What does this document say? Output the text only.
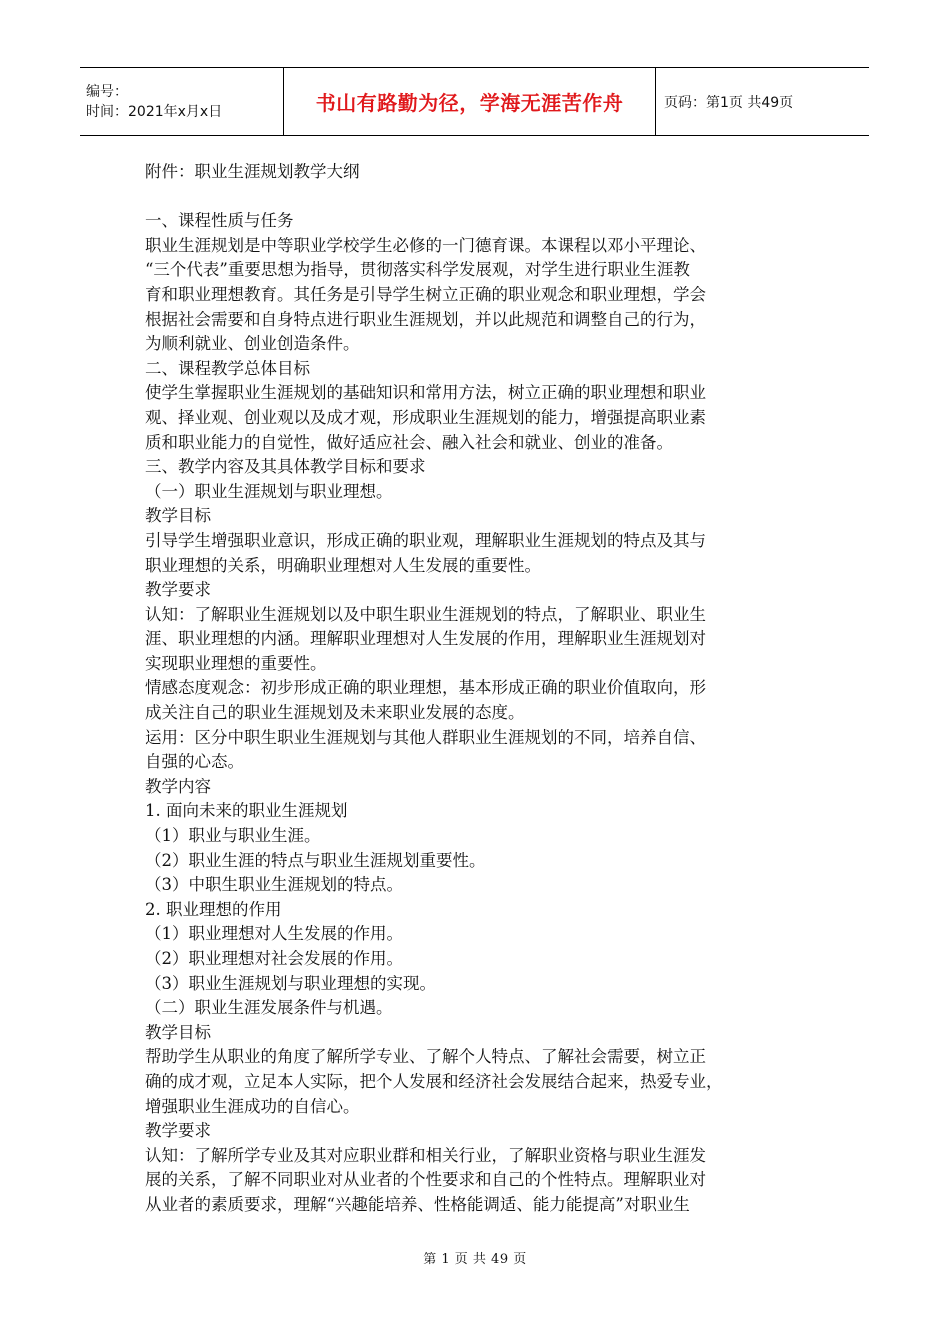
编号：
时间：2021年x月x日	书山有路勤为径，学海无涯苦作舟	页码：第1页 共49页

附件：职业生涯规划教学大纲

一、课程性质与任务

职业生涯规划是中等职业学校学生必修的一门德育课。本课程以邓小平理论、

“三个代表”重要思想为指导，贯彻落实科学发展观，对学生进行职业生涯教

育和职业理想教育。其任务是引导学生树立正确的职业观念和职业理想，学会

根据社会需要和自身特点进行职业生涯规划，并以此规范和调整自己的行为，

为顺利就业、创业创造条件。

二、课程教学总体目标

使学生掌握职业生涯规划的基础知识和常用方法，树立正确的职业理想和职业

观、择业观、创业观以及成才观，形成职业生涯规划的能力，增强提高职业素

质和职业能力的自觉性，做好适应社会、融入社会和就业、创业的准备。

三、教学内容及其具体教学目标和要求

（一）职业生涯规划与职业理想。

教学目标

引导学生增强职业意识，形成正确的职业观，理解职业生涯规划的特点及其与

职业理想的关系，明确职业理想对人生发展的重要性。

教学要求

认知：了解职业生涯规划以及中职生职业生涯规划的特点，了解职业、职业生

涯、职业理想的内涵。理解职业理想对人生发展的作用，理解职业生涯规划对

实现职业理想的重要性。

情感态度观念：初步形成正确的职业理想，基本形成正确的职业价值取向，形

成关注自己的职业生涯规划及未来职业发展的态度。

运用：区分中职生职业生涯规划与其他人群职业生涯规划的不同，培养自信、

自强的心态。

教学内容

1. 面向未来的职业生涯规划

（1）职业与职业生涯。

（2）职业生涯的特点与职业生涯规划重要性。

（3）中职生职业生涯规划的特点。

2. 职业理想的作用

（1）职业理想对人生发展的作用。

（2）职业理想对社会发展的作用。

（3）职业生涯规划与职业理想的实现。

（二）职业生涯发展条件与机遇。

教学目标

帮助学生从职业的角度了解所学专业、了解个人特点、了解社会需要，树立正

确的成才观，立足本人实际，把个人发展和经济社会发展结合起来，热爱专业，

增强职业生涯成功的自信心。

教学要求

认知：了解所学专业及其对应职业群和相关行业，了解职业资格与职业生涯发

展的关系，了解不同职业对从业者的个性要求和自己的个性特点。理解职业对

从业者的素质要求，理解“兴趣能培养、性格能调适、能力能提高”对职业生

第 1 页 共 49 页
